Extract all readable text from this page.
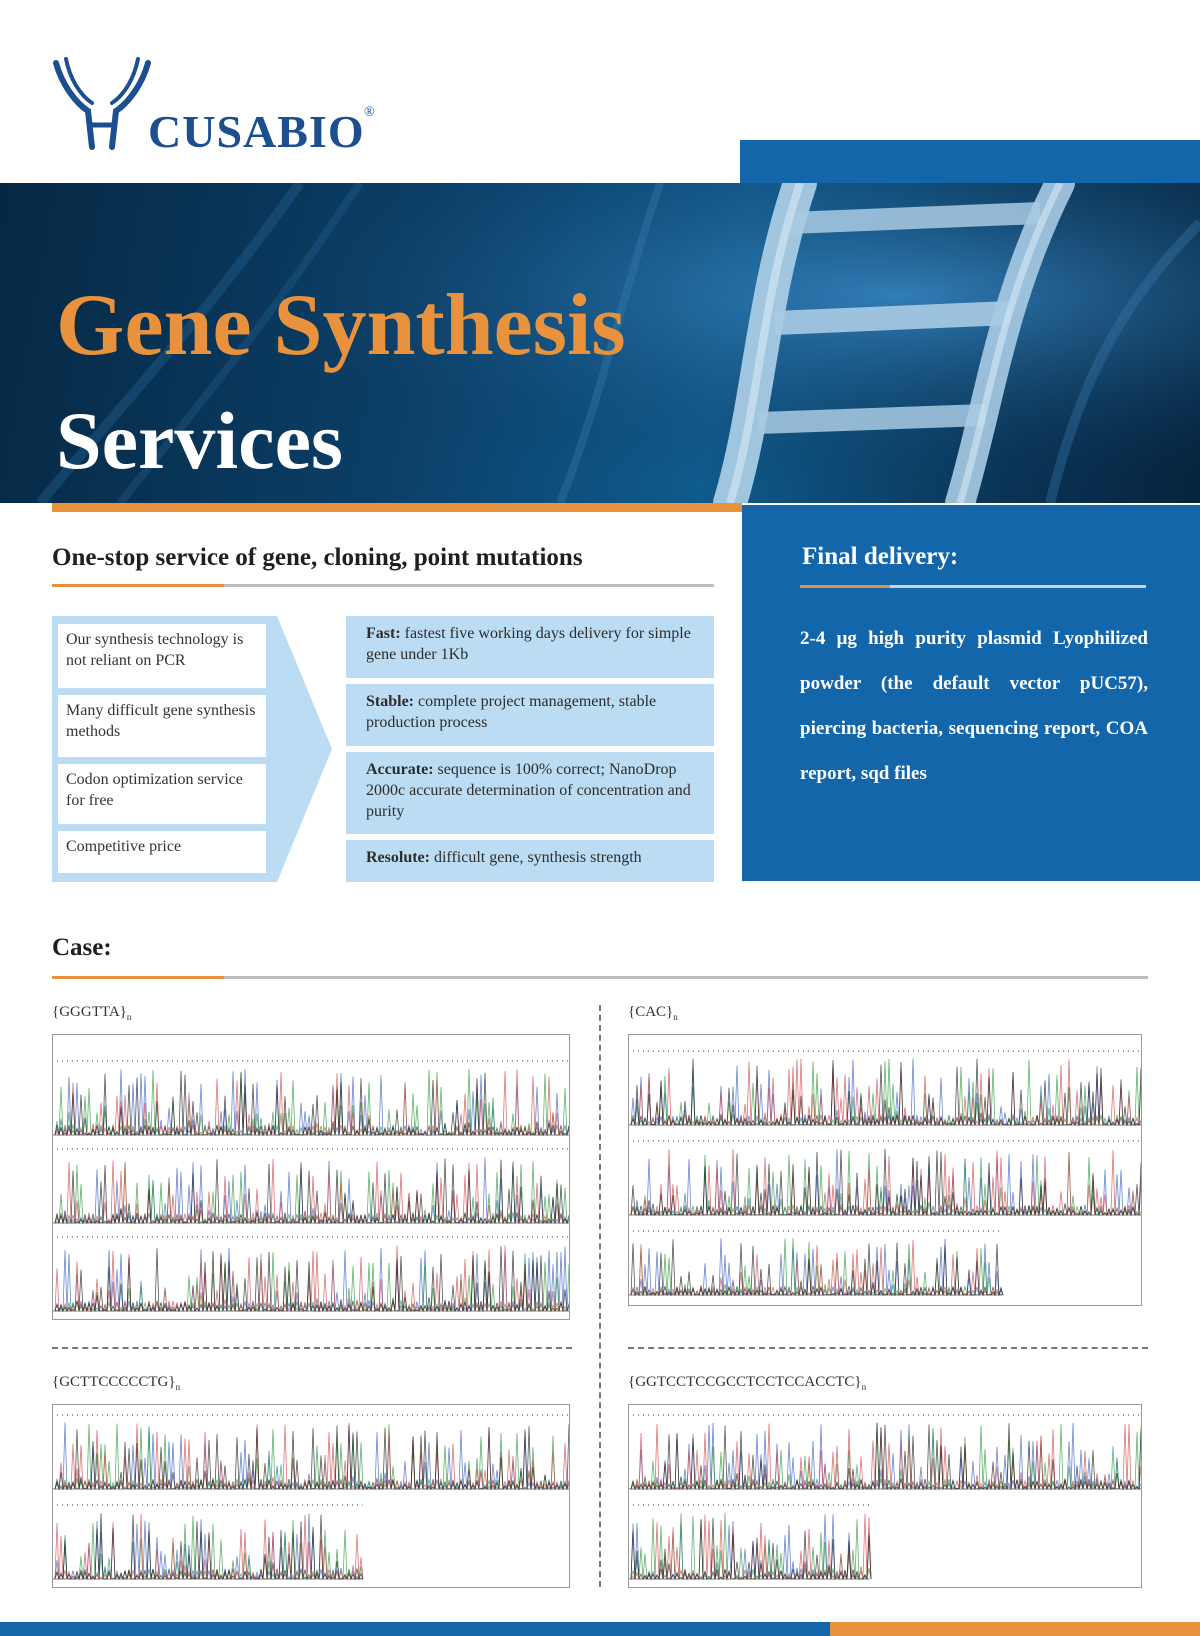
CUSABIO ®
Gene Synthesis
Services
One-stop service of gene, cloning, point mutations
Our synthesis technology is not reliant on PCR
Many difficult gene synthesis methods
Codon optimization service for free
Competitive price
Fast: fastest five working days delivery for simple gene under 1Kb
Stable: complete project management, stable production process
Accurate: sequence is 100% correct; NanoDrop 2000c accurate determination of concentration and purity
Resolute: difficult gene, synthesis strength
Final delivery:
2-4 μg high purity plasmid Lyophilized powder (the default vector pUC57), piercing bacteria, sequencing report, COA report, sqd files
Case:
$\{GGGTTA\}_n$	$\{CAC\}_n$
$\{GCTTCCCCCTG\}_n$	$\{GGTCCTCCGCCTCCTCCACCTC\}_n$
